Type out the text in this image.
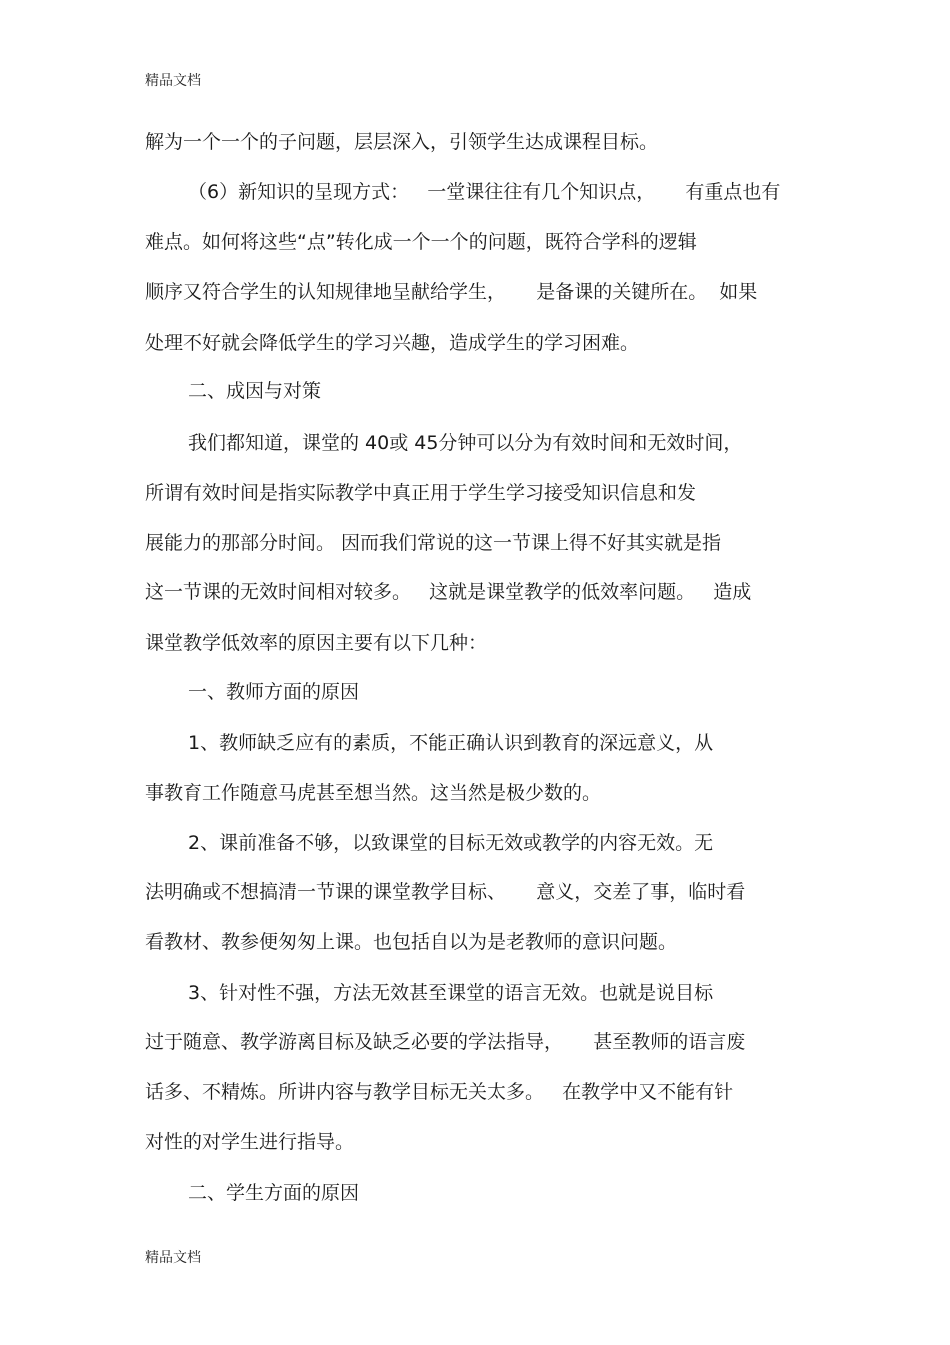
精品文档
解为一个一个的子问题，层层深入，引领学生达成课程目标。
（6）新知识的呈现方式：   一堂课往往有几个知识点，     有重点也有
难点。如何将这些“点”转化成一个一个的问题，既符合学科的逻辑
顺序又符合学生的认知规律地呈献给学生，     是备课的关键所在。  如果
处理不好就会降低学生的学习兴趣，造成学生的学习困难。
二、成因与对策
我们都知道，课堂的 40或 45分钟可以分为有效时间和无效时间，
所谓有效时间是指实际教学中真正用于学生学习接受知识信息和发
展能力的那部分时间。 因而我们常说的这一节课上得不好其实就是指
这一节课的无效时间相对较多。   这就是课堂教学的低效率问题。   造成
课堂教学低效率的原因主要有以下几种：
一、教师方面的原因
1、教师缺乏应有的素质，不能正确认识到教育的深远意义，从
事教育工作随意马虎甚至想当然。这当然是极少数的。
2、课前准备不够，以致课堂的目标无效或教学的内容无效。无
法明确或不想搞清一节课的课堂教学目标、     意义，交差了事，临时看
看教材、教参便匆匆上课。也包括自以为是老教师的意识问题。
3、针对性不强，方法无效甚至课堂的语言无效。也就是说目标
过于随意、教学游离目标及缺乏必要的学法指导，     甚至教师的语言废
话多、不精炼。所讲内容与教学目标无关太多。   在教学中又不能有针
对性的对学生进行指导。
二、学生方面的原因
精品文档
